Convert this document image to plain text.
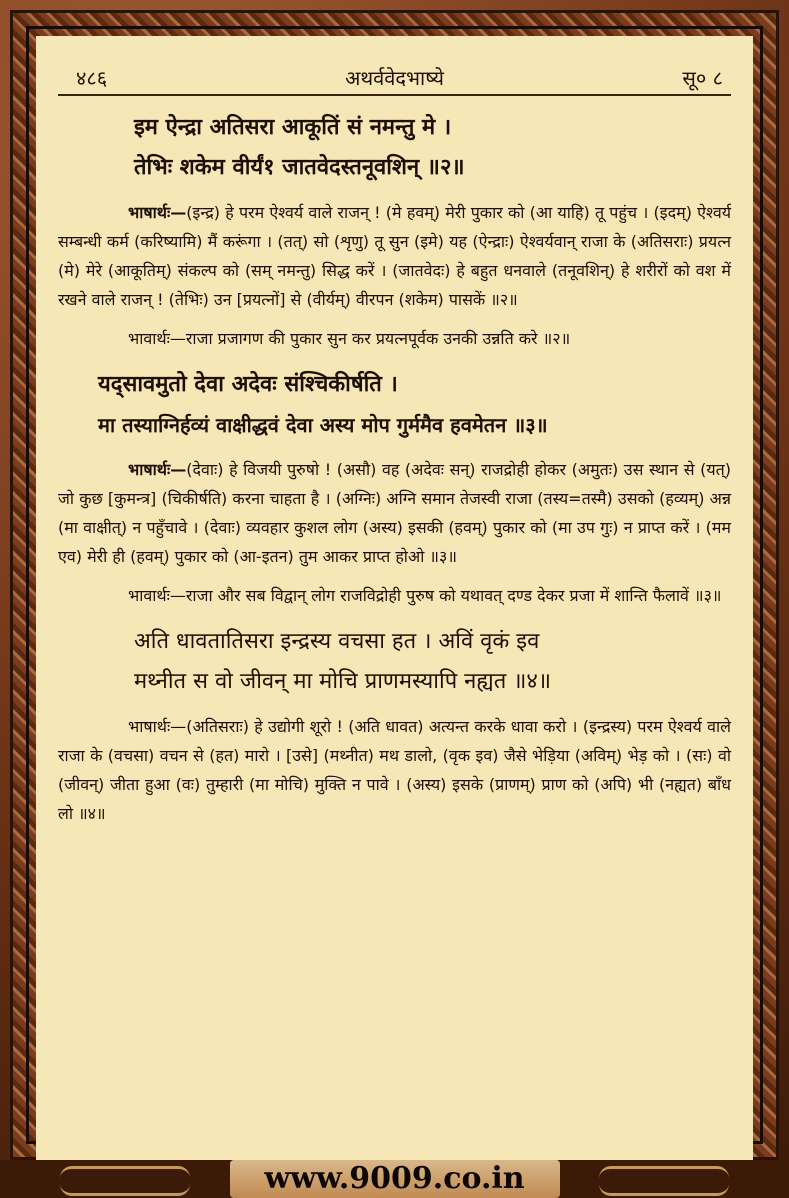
४८६	अथर्ववेदभाष्ये	सू० ८
इम ऐन्द्रा अतिसरा आकूतिं सं नमन्तु मे ।
तेभिः शकेम वीर्यं१ जातवेदस्तनूवशिन् ॥२॥
भाषार्थः—(इन्द्र) हे परम ऐश्वर्य वाले राजन् ! (मे हवम्) मेरी पुकार को (आ याहि) तू पहुंच । (इदम्) ऐश्वर्य सम्बन्धी कर्म (करिष्यामि) मैं करूंगा । (तत्) सो (शृणु) तू सुन (इमे) यह (ऐन्द्राः) ऐश्वर्यवान् राजा के (अतिसराः) प्रयत्न (मे) मेरे (आकूतिम्) संकल्प को (सम् नमन्तु) सिद्ध करें । (जातवेदः) हे बहुत धनवाले (तनूवशिन्) हे शरीरों को वश में रखने वाले राजन् ! (तेभिः) उन [प्रयत्नों] से (वीर्यम्) वीरपन (शकेम) पासकें ॥२॥
भावार्थः—राजा प्रजागण की पुकार सुन कर प्रयत्नपूर्वक उनकी उन्नति करे ॥२॥
यद्सावमुतो देवा अदेवः संश्चिकीर्षति ।
मा तस्याग्निर्हव्यं वाक्षीद्धवं देवा अस्य मोप गुर्ममैव हवमेतन ॥३॥
भाषार्थः—(देवाः) हे विजयी पुरुषो ! (असौ) वह (अदेवः सन्) राजद्रोही होकर (अमुतः) उस स्थान से (यत्) जो कुछ [कुमन्त्र] (चिकीर्षति) करना चाहता है । (अग्निः) अग्नि समान तेजस्वी राजा (तस्य=तस्मै) उसको (हव्यम्) अन्न (मा वाक्षीत्) न पहुँचावे । (देवाः) व्यवहार कुशल लोग (अस्य) इसकी (हवम्) पुकार को (मा उप गुः) न प्राप्त करें । (मम एव) मेरी ही (हवम्) पुकार को (आ-इतन) तुम आकर प्राप्त होओ ॥३॥
भावार्थः—राजा और सब विद्वान् लोग राजविद्रोही पुरुष को यथावत् दण्ड देकर प्रजा में शान्ति फैलावें ॥३॥
अति धावतातिसरा इन्द्रस्य वचसा हत । अविं वृकं इव
मथ्नीत स वो जीवन् मा मोचि प्राणमस्यापि नह्यत ॥४॥
भाषार्थः—(अतिसराः) हे उद्योगी शूरो ! (अति धावत) अत्यन्त करके धावा करो । (इन्द्रस्य) परम ऐश्वर्य वाले राजा के (वचसा) वचन से (हत) मारो । [उसे] (मथ्नीत) मथ डालो, (वृक इव) जैसे भेड़िया (अविम्) भेड़ को । (सः) वो (जीवन्) जीता हुआ (वः) तुम्हारी (मा मोचि) मुक्ति न पावे । (अस्य) इसके (प्राणम्) प्राण को (अपि) भी (नह्यत) बाँध लो ॥४॥
www.9009.co.in
